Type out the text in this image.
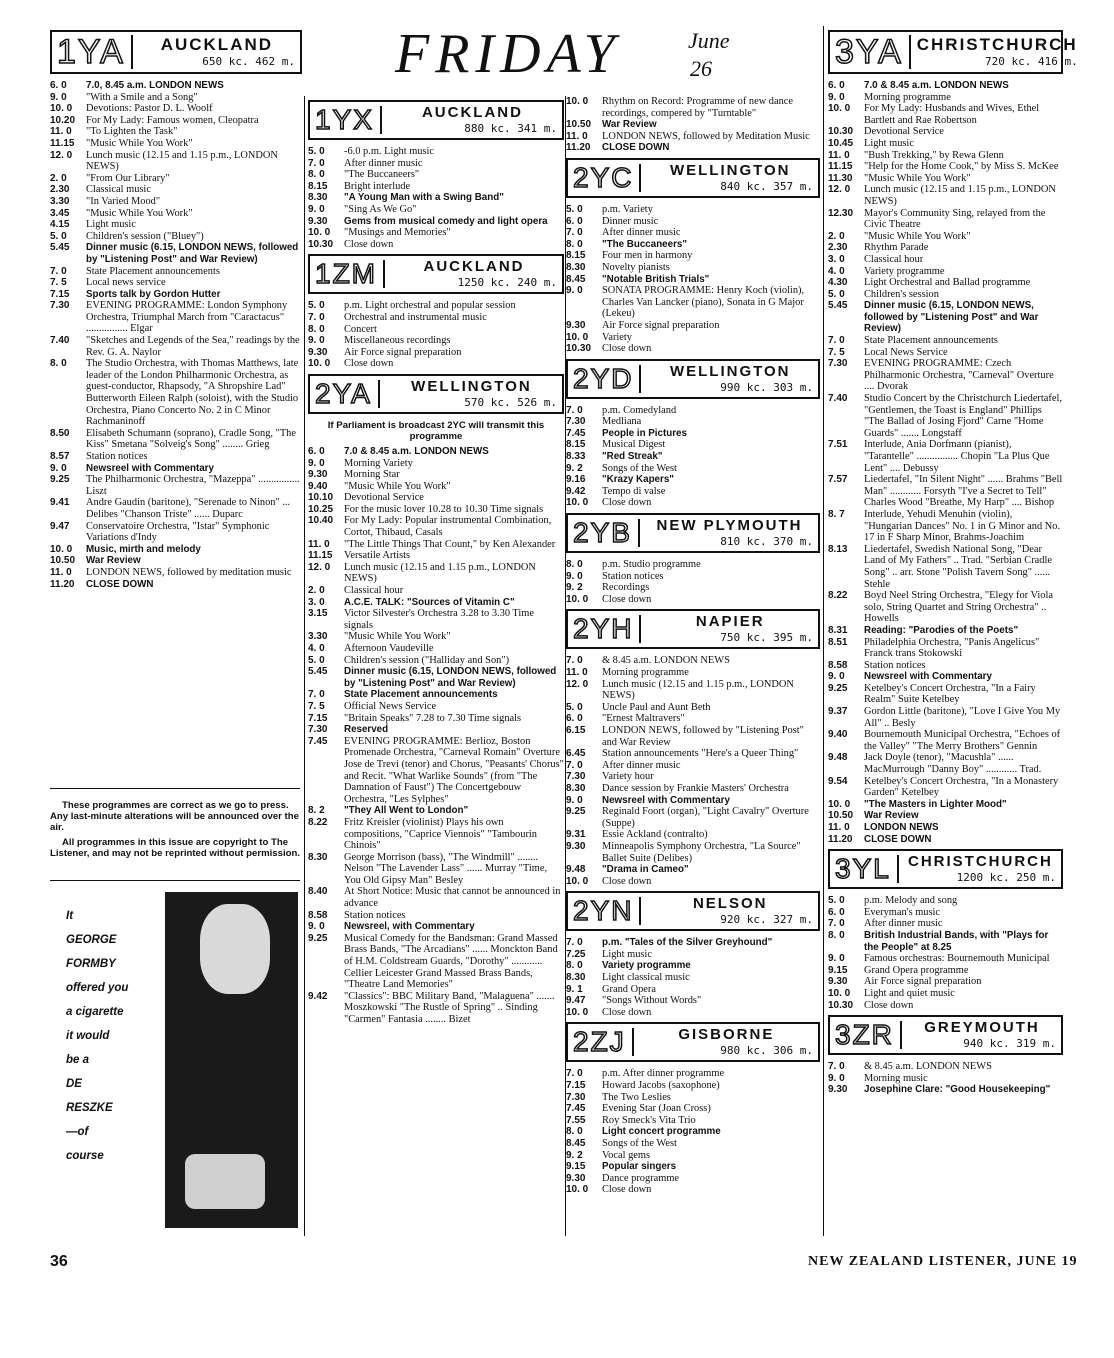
FRIDAY	June
26
1YA	AUCKLAND
650 kc. 462 m.
6. 0	7.0, 8.45 a.m. LONDON NEWS
9. 0	"With a Smile and a Song"
10. 0	Devotions: Pastor D. L. Woolf
10.20	For My Lady: Famous women, Cleopatra
11. 0	"To Lighten the Task"
11.15	"Music While You Work"
12. 0	Lunch music (12.15 and 1.15 p.m., LONDON NEWS)
2. 0	"From Our Library"
2.30	Classical music
3.30	"In Varied Mood"
3.45	"Music While You Work"
4.15	Light music
5. 0	Children's session ("Bluey")
5.45	Dinner music (6.15, LONDON NEWS, followed by "Listening Post" and War Review)
7. 0	State Placement announcements
7. 5	Local news service
7.15	Sports talk by Gordon Hutter
7.30	EVENING PROGRAMME: London Symphony Orchestra, Triumphal March from "Caractacus" ................ Elgar
7.40	"Sketches and Legends of the Sea," readings by the Rev. G. A. Naylor
8. 0	The Studio Orchestra, with Thomas Matthews, late leader of the London Philharmonic Orchestra, as guest-conductor, Rhapsody, "A Shropshire Lad" Butterworth Eileen Ralph (soloist), with the Studio Orchestra, Piano Concerto No. 2 in C Minor Rachmaninoff
8.50	Elisabeth Schumann (soprano), Cradle Song, "The Kiss" Smetana "Solveig's Song" ........ Grieg
8.57	Station notices
9. 0	Newsreel with Commentary
9.25	The Philharmonic Orchestra, "Mazeppa" ................ Liszt
9.41	Andre Gaudin (baritone), "Serenade to Ninon" ... Delibes "Chanson Triste" ...... Duparc
9.47	Conservatoire Orchestra, "Istar" Symphonic Variations d'Indy
10. 0	Music, mirth and melody
10.50	War Review
11. 0	LONDON NEWS, followed by meditation music
11.20	CLOSE DOWN

These programmes are correct as we go to press. Any last-minute alterations will be announced over the air.

All programmes in this issue are copyright to The Listener, and may not be reprinted without permission.

It
GEORGE
FORMBY
offered you
a cigarette
it would
be a
DE
RESZKE
—of
course
1YX	AUCKLAND
880 kc. 341 m.
5. 0	-6.0 p.m. Light music
7. 0	After dinner music
8. 0	"The Buccaneers"
8.15	Bright interlude
8.30	"A Young Man with a Swing Band"
9. 0	"Sing As We Go"
9.30	Gems from musical comedy and light opera
10. 0	"Musings and Memories"
10.30	Close down
1ZM	AUCKLAND
1250 kc. 240 m.
5. 0	p.m. Light orchestral and popular session
7. 0	Orchestral and instrumental music
8. 0	Concert
9. 0	Miscellaneous recordings
9.30	Air Force signal preparation
10. 0	Close down
2YA	WELLINGTON
570 kc. 526 m.
If Parliament is broadcast 2YC will transmit this programme
6. 0	7.0 & 8.45 a.m. LONDON NEWS
9. 0	Morning Variety
9.30	Morning Star
9.40	"Music While You Work"
10.10	Devotional Service
10.25	For the music lover 10.28 to 10.30 Time signals
10.40	For My Lady: Popular instrumental Combination, Cortot, Thibaud, Casals
11. 0	"The Little Things That Count," by Ken Alexander
11.15	Versatile Artists
12. 0	Lunch music (12.15 and 1.15 p.m., LONDON NEWS)
2. 0	Classical hour
3. 0	A.C.E. TALK: "Sources of Vitamin C"
3.15	Victor Silvester's Orchestra 3.28 to 3.30 Time signals
3.30	"Music While You Work"
4. 0	Afternoon Vaudeville
5. 0	Children's session ("Halliday and Son")
5.45	Dinner music (6.15, LONDON NEWS, followed by "Listening Post" and War Review)
7. 0	State Placement announcements
7. 5	Official News Service
7.15	"Britain Speaks" 7.28 to 7.30 Time signals
7.30	Reserved
7.45	EVENING PROGRAMME: Berlioz, Boston Promenade Orchestra, "Carneval Romain" Overture Jose de Trevi (tenor) and Chorus, "Peasants' Chorus" and Recit. "What Warlike Sounds" (from "The Damnation of Faust") The Concertgebouw Orchestra, "Les Sylphes"
8. 2	"They All Went to London"
8.22	Fritz Kreisler (violinist) Plays his own compositions, "Caprice Viennois" "Tambourin Chinois"
8.30	George Morrison (bass), "The Windmill" ........ Nelson "The Lavender Lass" ...... Murray "Time, You Old Gipsy Man" Besley
8.40	At Short Notice: Music that cannot be announced in advance
8.58	Station notices
9. 0	Newsreel, with Commentary
9.25	Musical Comedy for the Bandsman: Grand Massed Brass Bands, "The Arcadians" ...... Monckton Band of H.M. Coldstream Guards, "Dorothy" ............ Cellier Leicester Grand Massed Brass Bands, "Theatre Land Memories"
9.42	"Classics": BBC Military Band, "Malaguena" ....... Moszkowski "The Rustle of Spring" .. Sinding "Carmen" Fantasia ........ Bizet
10. 0	Rhythm on Record: Programme of new dance recordings, compered by "Turntable"
10.50	War Review
11. 0	LONDON NEWS, followed by Meditation Music
11.20	CLOSE DOWN
2YC	WELLINGTON
840 kc. 357 m.
5. 0	p.m. Variety
6. 0	Dinner music
7. 0	After dinner music
8. 0	"The Buccaneers"
8.15	Four men in harmony
8.30	Novelty pianists
8.45	"Notable British Trials"
9. 0	SONATA PROGRAMME: Henry Koch (violin), Charles Van Lancker (piano), Sonata in G Major (Lekeu)
9.30	Air Force signal preparation
10. 0	Variety
10.30	Close down
2YD	WELLINGTON
990 kc. 303 m.
7. 0	p.m. Comedyland
7.30	Medliana
7.45	People in Pictures
8.15	Musical Digest
8.33	"Red Streak"
9. 2	Songs of the West
9.16	"Krazy Kapers"
9.42	Tempo di valse
10. 0	Close down
2YB	NEW PLYMOUTH
810 kc. 370 m.
8. 0	p.m. Studio programme
9. 0	Station notices
9. 2	Recordings
10. 0	Close down
2YH	NAPIER
750 kc. 395 m.
7. 0	& 8.45 a.m. LONDON NEWS
11. 0	Morning programme
12. 0	Lunch music (12.15 and 1.15 p.m., LONDON NEWS)
5. 0	Uncle Paul and Aunt Beth
6. 0	"Ernest Maltravers"
6.15	LONDON NEWS, followed by "Listening Post" and War Review
6.45	Station announcements "Here's a Queer Thing"
7. 0	After dinner music
7.30	Variety hour
8.30	Dance session by Frankie Masters' Orchestra
9. 0	Newsreel with Commentary
9.25	Reginald Foort (organ), "Light Cavalry" Overture (Suppe)
9.31	Essie Ackland (contralto)
9.30	Minneapolis Symphony Orchestra, "La Source" Ballet Suite (Delibes)
9.48	"Drama in Cameo"
10. 0	Close down
2YN	NELSON
920 kc. 327 m.
7. 0	p.m. "Tales of the Silver Greyhound"
7.25	Light music
8. 0	Variety programme
8.30	Light classical music
9. 1	Grand Opera
9.47	"Songs Without Words"
10. 0	Close down
2ZJ	GISBORNE
980 kc. 306 m.
7. 0	p.m. After dinner programme
7.15	Howard Jacobs (saxophone)
7.30	The Two Leslies
7.45	Evening Star (Joan Cross)
7.55	Roy Smeck's Vita Trio
8. 0	Light concert programme
8.45	Songs of the West
9. 2	Vocal gems
9.15	Popular singers
9.30	Dance programme
10. 0	Close down
3YA CHRISTCHURCH
720 kc. 416 m.
6. 0	7.0 & 8.45 a.m. LONDON NEWS
9. 0	Morning programme
10. 0	For My Lady: Husbands and Wives, Ethel Bartlett and Rae Robertson
10.30	Devotional Service
10.45	Light music
11. 0	"Bush Trekking," by Rewa Glenn
11.15	"Help for the Home Cook," by Miss S. McKee
11.30	"Music While You Work"
12. 0	Lunch music (12.15 and 1.15 p.m., LONDON NEWS)
12.30	Mayor's Community Sing, relayed from the Civic Theatre
2. 0	"Music While You Work"
2.30	Rhythm Parade
3. 0	Classical hour
4. 0	Variety programme
4.30	Light Orchestral and Ballad programme
5. 0	Children's session
5.45	Dinner music (6.15, LONDON NEWS, followed by "Listening Post" and War Review)
7. 0	State Placement announcements
7. 5	Local News Service
7.30	EVENING PROGRAMME: Czech Philharmonic Orchestra, "Carneval" Overture .... Dvorak
7.40	Studio Concert by the Christchurch Liedertafel, "Gentlemen, the Toast is England" Phillips "The Ballad of Josing Fjord" Carne "Home Guards" ....... Longstaff
7.51	Interlude, Ania Dorfmann (pianist), "Tarantelle" ................ Chopin "La Plus Que Lent" .... Debussy
7.57	Liedertafel, "In Silent Night" ...... Brahms "Bell Man" ............ Forsyth "I've a Secret to Tell" Charles Wood "Breathe, My Harp" .... Bishop
8. 7	Interlude, Yehudi Menuhin (violin), "Hungarian Dances" No. 1 in G Minor and No. 17 in F Sharp Minor, Brahms-Joachim
8.13	Liedertafel, Swedish National Song, "Dear Land of My Fathers" .. Trad. "Serbian Cradle Song" .. arr. Stone "Polish Tavern Song" ...... Stehle
8.22	Boyd Neel String Orchestra, "Elegy for Viola solo, String Quartet and String Orchestra" .. Howells
8.31	Reading: "Parodies of the Poets"
8.51	Philadelphia Orchestra, "Panis Angelicus" Franck trans Stokowski
8.58	Station notices
9. 0	Newsreel with Commentary
9.25	Ketelbey's Concert Orchestra, "In a Fairy Realm" Suite Ketelbey
9.37	Gordon Little (baritone), "Love I Give You My All" .. Besly
9.40	Bournemouth Municipal Orchestra, "Echoes of the Valley" "The Merry Brothers" Gennin
9.48	Jack Doyle (tenor), "Macushla" ...... MacMurrough "Danny Boy" ............ Trad.
9.54	Ketelbey's Concert Orchestra, "In a Monastery Garden" Ketelbey
10. 0	"The Masters in Lighter Mood"
10.50	War Review
11. 0	LONDON NEWS
11.20	CLOSE DOWN
3YL	CHRISTCHURCH
1200 kc. 250 m.
5. 0	p.m. Melody and song
6. 0	Everyman's music
7. 0	After dinner music
8. 0	British Industrial Bands, with "Plays for the People" at 8.25
9. 0	Famous orchestras: Bournemouth Municipal
9.15	Grand Opera programme
9.30	Air Force signal preparation
10. 0	Light and quiet music
10.30	Close down
3ZR	GREYMOUTH
940 kc. 319 m.
7. 0	& 8.45 a.m. LONDON NEWS
9. 0	Morning music
9.30	Josephine Clare: "Good Housekeeping"
36	NEW ZEALAND LISTENER, JUNE 19
